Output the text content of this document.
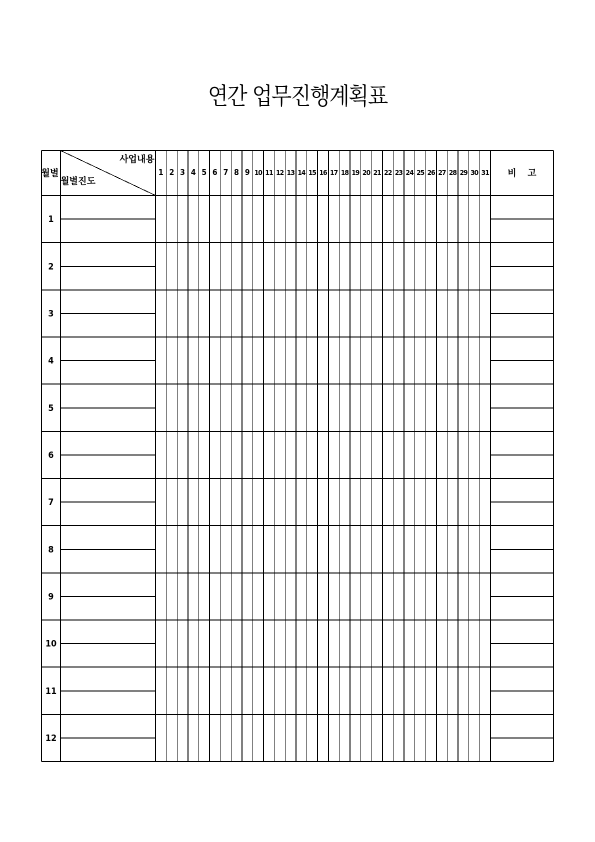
연간 업무진행계획표
월별
사업내용
월별진도
비    고
1 2 3 4 5 6 7 8 9 10 11 12 13 14 15 16 17 18 19 20 21 22 23 24 25 26 27 28 29 30 31
1
2
3
4
5
6
7
8
9
10
11
12
